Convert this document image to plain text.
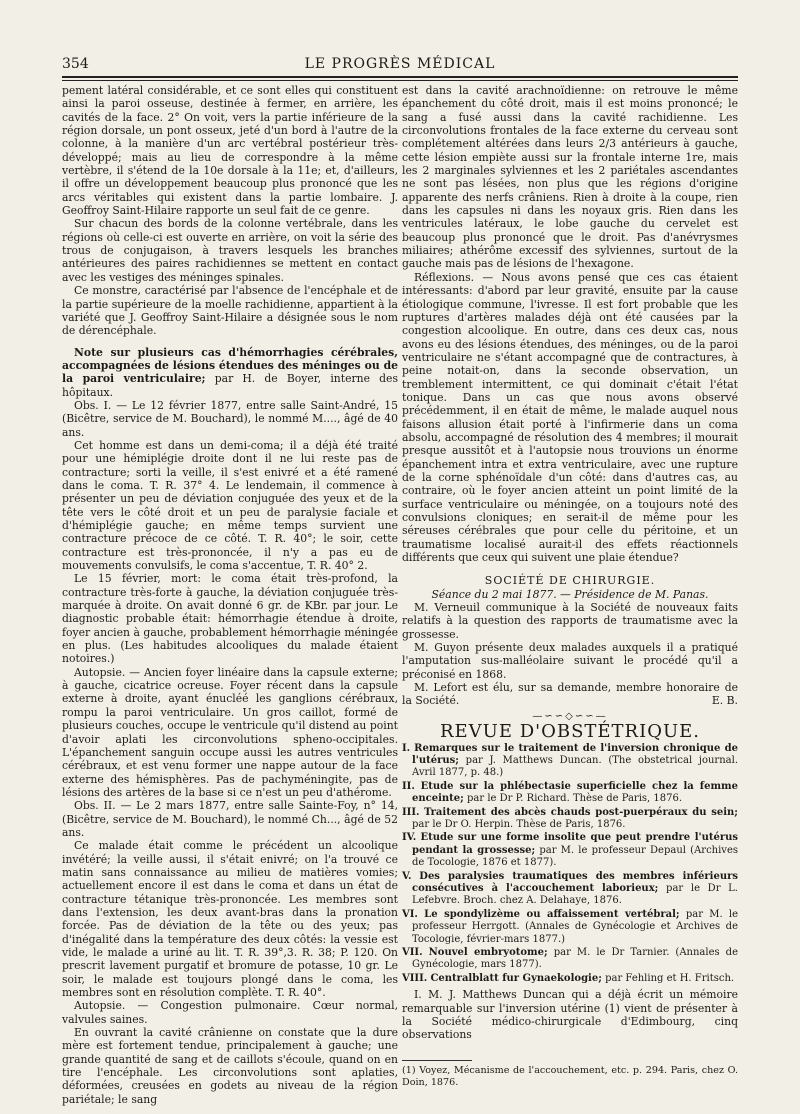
354	LE PROGRÈS MÉDICAL

pement latéral considérable, et ce sont elles qui constituent ainsi la paroi osseuse, destinée à fermer, en arrière, les cavités de la face. 2° On voit, vers la partie inférieure de la région dorsale, un pont osseux, jeté d'un bord à l'autre de la colonne, à la manière d'un arc vertébral postérieur très-développé; mais au lieu de correspondre à la même vertèbre, il s'étend de la 10e dorsale à la 11e; et, d'ailleurs, il offre un développement beaucoup plus prononcé que les arcs véritables qui existent dans la partie lombaire. J. Geoffroy Saint-Hilaire rapporte un seul fait de ce genre.

Sur chacun des bords de la colonne vertébrale, dans les régions où celle-ci est ouverte en arrière, on voit la série des trous de conjugaison, à travers lesquels les branches antérieures des paires rachidiennes se mettent en contact avec les vestiges des méninges spinales.

Ce monstre, caractérisé par l'absence de l'encéphale et de la partie supérieure de la moelle rachidienne, appartient à la variété que J. Geoffroy Saint-Hilaire a désignée sous le nom de dérencéphale.

Note sur plusieurs cas d'hémorrhagies cérébrales, accompagnées de lésions étendues des méninges ou de la paroi ventriculaire; par H. de Boyer, interne des hôpitaux.

Obs. I. — Le 12 février 1877, entre salle Saint-André, 15 (Bicêtre, service de M. Bouchard), le nommé M...., âgé de 40 ans.

Cet homme est dans un demi-coma; il a déjà été traité pour une hémiplégie droite dont il ne lui reste pas de contracture; sorti la veille, il s'est enivré et a été ramené dans le coma. T. R. 37° 4. Le lendemain, il commence à présenter un peu de déviation conjuguée des yeux et de la tête vers le côté droit et un peu de paralysie faciale et d'hémiplégie gauche; en même temps survient une contracture précoce de ce côté. T. R. 40°; le soir, cette contracture est très-prononcée, il n'y a pas eu de mouvements convulsifs, le coma s'accentue, T. R. 40° 2.

Le 15 février, mort: le coma était très-profond, la contracture très-forte à gauche, la déviation conjuguée très-marquée à droite. On avait donné 6 gr. de KBr. par jour. Le diagnostic probable était: hémorrhagie étendue à droite, foyer ancien à gauche, probablement hémorrhagie méningée en plus. (Les habitudes alcooliques du malade étaient notoires.)

Autopsie. — Ancien foyer linéaire dans la capsule externe; à gauche, cicatrice ocreuse. Foyer récent dans la capsule externe à droite, ayant énucléé les ganglions cérébraux, rompu la paroi ventriculaire. Un gros caillot, formé de plusieurs couches, occupe le ventricule qu'il distend au point d'avoir aplati les circonvolutions spheno-occipitales. L'épanchement sanguin occupe aussi les autres ventricules cérébraux, et est venu former une nappe autour de la face externe des hémisphères. Pas de pachyméningite, pas de lésions des artères de la base si ce n'est un peu d'athérome.

Obs. II. — Le 2 mars 1877, entre salle Sainte-Foy, n° 14, (Bicêtre, service de M. Bouchard), le nommé Ch..., âgé de 52 ans.

Ce malade était comme le précédent un alcoolique invétéré; la veille aussi, il s'était enivré; on l'a trouvé ce matin sans connaissance au milieu de matières vomies; actuellement encore il est dans le coma et dans un état de contracture tétanique très-prononcée. Les membres sont dans l'extension, les deux avant-bras dans la pronation forcée. Pas de déviation de la tête ou des yeux; pas d'inégalité dans la température des deux côtés: la vessie est vide, le malade a uriné au lit. T. R. 39°,3. R. 38; P. 120. On prescrit lavement purgatif et bromure de potasse, 10 gr. Le soir, le malade est toujours plongé dans le coma, les membres sont en résolution complète. T. R. 40°.

Autopsie. — Congestion pulmonaire. Cœur normal, valvules saines.

En ouvrant la cavité crânienne on constate que la dure mère est fortement tendue, principalement à gauche; une grande quantité de sang et de caillots s'écoule, quand on en tire l'encéphale. Les circonvolutions sont aplaties, déformées, creusées en godets au niveau de la région pariétale; le sang

est dans la cavité arachnoïdienne: on retrouve le même épanchement du côté droit, mais il est moins prononcé; le sang a fusé aussi dans la cavité rachidienne. Les circonvolutions frontales de la face externe du cerveau sont complétement altérées dans leurs 2/3 antérieurs à gauche, cette lésion empiète aussi sur la frontale interne 1re, mais les 2 marginales sylviennes et les 2 pariétales ascendantes ne sont pas lésées, non plus que les régions d'origine apparente des nerfs crâniens. Rien à droite à la coupe, rien dans les capsules ni dans les noyaux gris. Rien dans les ventricules latéraux, le lobe gauche du cervelet est beaucoup plus prononcé que le droit. Pas d'anévrysmes miliaires; athérôme excessif des sylviennes, surtout de la gauche mais pas de lésions de l'hexagone.

Réflexions. — Nous avons pensé que ces cas étaient intéressants: d'abord par leur gravité, ensuite par la cause étiologique commune, l'ivresse. Il est fort probable que les ruptures d'artères malades déjà ont été causées par la congestion alcoolique. En outre, dans ces deux cas, nous avons eu des lésions étendues, des méninges, ou de la paroi ventriculaire ne s'étant accompagné que de contractures, à peine notait-on, dans la seconde observation, un tremblement intermittent, ce qui dominait c'était l'état tonique. Dans un cas que nous avons observé précédemment, il en était de même, le malade auquel nous faisons allusion était porté à l'infirmerie dans un coma absolu, accompagné de résolution des 4 membres; il mourait presque aussitôt et à l'autopsie nous trouvions un énorme épanchement intra et extra ventriculaire, avec une rupture de la corne sphénoïdale d'un côté: dans d'autres cas, au contraire, où le foyer ancien atteint un point limité de la surface ventriculaire ou méningée, on a toujours noté des convulsions cloniques; en serait-il de même pour les séreuses cérébrales que pour celle du péritoine, et un traumatisme localisé aurait-il des effets réactionnels différents que ceux qui suivent une plaie étendue?

SOCIÉTÉ DE CHIRURGIE.

Séance du 2 mai 1877. — Présidence de M. Panas.

M. Verneuil communique à la Société de nouveaux faits relatifs à la question des rapports de traumatisme avec la grossesse.

M. Guyon présente deux malades auxquels il a pratiqué l'amputation sus-malléolaire suivant le procédé qu'il a préconisé en 1868.

M. Lefort est élu, sur sa demande, membre honoraire de la Société.	E. B.

—∽∽◇∽∽—
REVUE D'OBSTÉTRIQUE.
I. Remarques sur le traitement de l'inversion chronique de l'utérus; par J. Matthews Duncan. (The obstetrical journal. Avril 1877, p. 48.)
II. Etude sur la phlébectasie superficielle chez la femme enceinte; par le Dr P. Richard. Thèse de Paris, 1876.
III. Traitement des abcès chauds post-puerpéraux du sein; par le Dr O. Herpin. Thèse de Paris, 1876.
IV. Etude sur une forme insolite que peut prendre l'utérus pendant la grossesse; par M. le professeur Depaul (Archives de Tocologie, 1876 et 1877).
V. Des paralysies traumatiques des membres inférieurs consécutives à l'accouchement laborieux; par le Dr L. Lefebvre. Broch. chez A. Delahaye, 1876.
VI. Le spondylizème ou affaissement vertébral; par M. le professeur Herrgott. (Annales de Gynécologie et Archives de Tocologie, février-mars 1877.)
VII. Nouvel embryotome; par M. le Dr Tarnier. (Annales de Gynécologie, mars 1877).
VIII. Centralblatt fur Gynaekologie; par Fehling et H. Fritsch.

I. M. J. Matthews Duncan qui a déjà écrit un mémoire remarquable sur l'inversion utérine (1) vient de présenter à la Société médico-chirurgicale d'Edimbourg, cinq observations

(1) Voyez, Mécanisme de l'accouchement, etc. p. 294. Paris, chez O. Doin, 1876.
